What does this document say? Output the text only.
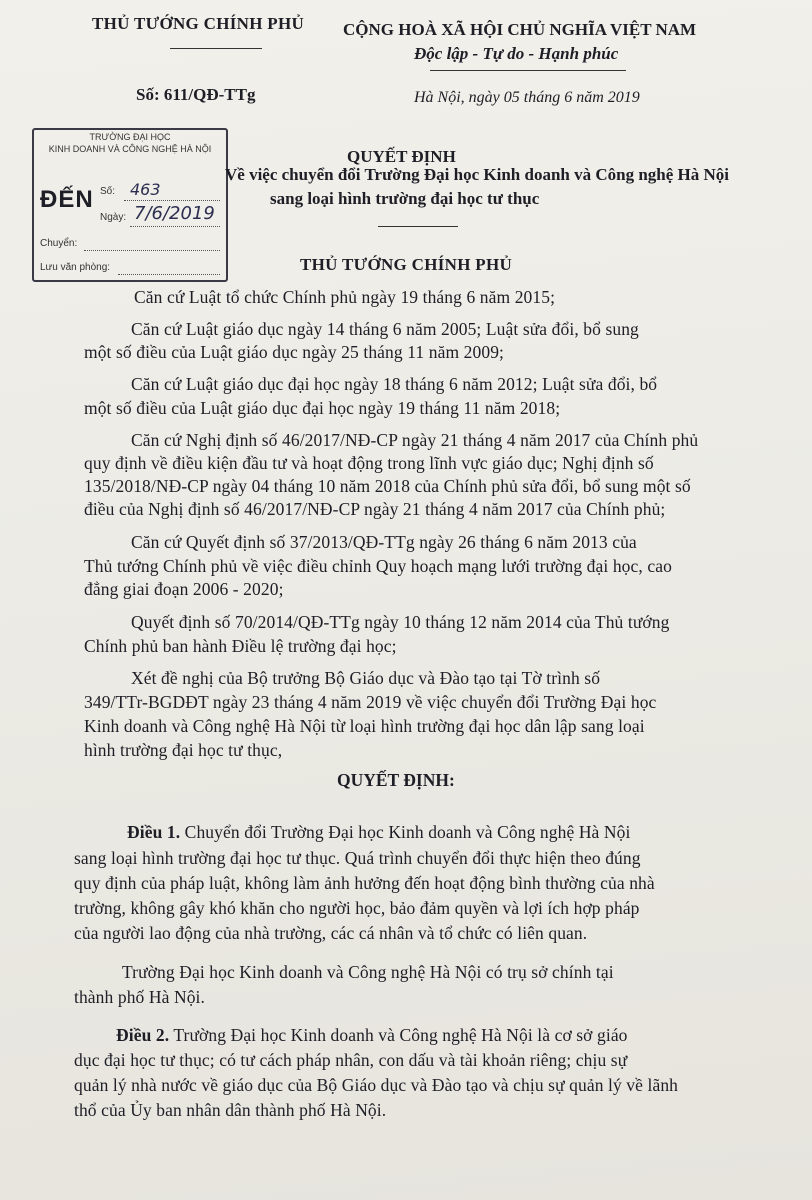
THỦ TƯỚNG CHÍNH PHỦ CỘNG HOÀ XÃ HỘI CHỦ NGHĨA VIỆT NAM
Độc lập - Tự do - Hạnh phúc
Số: 611/QĐ-TTg	Hà Nội, ngày 05 tháng 6 năm 2019
TRƯỜNG ĐẠI HỌC
KINH DOANH VÀ CÔNG NGHỆ HÀ NỘI
ĐẾN Số: 463
Ngày: 7/6/2019
Chuyển:
Lưu văn phòng:
QUYẾT ĐỊNH
Về việc chuyển đổi Trường Đại học Kinh doanh và Công nghệ Hà Nội
sang loại hình trường đại học tư thục
THỦ TƯỚNG CHÍNH PHỦ
Căn cứ Luật tổ chức Chính phủ ngày 19 tháng 6 năm 2015;
Căn cứ Luật giáo dục ngày 14 tháng 6 năm 2005; Luật sửa đổi, bổ sung
một số điều của Luật giáo dục ngày 25 tháng 11 năm 2009;
Căn cứ Luật giáo dục đại học ngày 18 tháng 6 năm 2012; Luật sửa đổi, bổ
một số điều của Luật giáo dục đại học ngày 19 tháng 11 năm 2018;
Căn cứ Nghị định số 46/2017/NĐ-CP ngày 21 tháng 4 năm 2017 của Chính phủ
quy định về điều kiện đầu tư và hoạt động trong lĩnh vực giáo dục; Nghị định số
135/2018/NĐ-CP ngày 04 tháng 10 năm 2018 của Chính phủ sửa đổi, bổ sung một số
điều của Nghị định số 46/2017/NĐ-CP ngày 21 tháng 4 năm 2017 của Chính phủ;
Căn cứ Quyết định số 37/2013/QĐ-TTg ngày 26 tháng 6 năm 2013 của
Thủ tướng Chính phủ về việc điều chỉnh Quy hoạch mạng lưới trường đại học, cao
đẳng giai đoạn 2006 - 2020;
Quyết định số 70/2014/QĐ-TTg ngày 10 tháng 12 năm 2014 của Thủ tướng
Chính phủ ban hành Điều lệ trường đại học;
Xét đề nghị của Bộ trưởng Bộ Giáo dục và Đào tạo tại Tờ trình số
349/TTr-BGDĐT ngày 23 tháng 4 năm 2019 về việc chuyển đổi Trường Đại học
Kinh doanh và Công nghệ Hà Nội từ loại hình trường đại học dân lập sang loại
hình trường đại học tư thục,
QUYẾT ĐỊNH:
Điều 1. Chuyển đổi Trường Đại học Kinh doanh và Công nghệ Hà Nội
sang loại hình trường đại học tư thục. Quá trình chuyển đổi thực hiện theo đúng
quy định của pháp luật, không làm ảnh hưởng đến hoạt động bình thường của nhà
trường, không gây khó khăn cho người học, bảo đảm quyền và lợi ích hợp pháp
của người lao động của nhà trường, các cá nhân và tổ chức có liên quan.
Trường Đại học Kinh doanh và Công nghệ Hà Nội có trụ sở chính tại
thành phố Hà Nội.
Điều 2. Trường Đại học Kinh doanh và Công nghệ Hà Nội là cơ sở giáo
dục đại học tư thục; có tư cách pháp nhân, con dấu và tài khoản riêng; chịu sự
quản lý nhà nước về giáo dục của Bộ Giáo dục và Đào tạo và chịu sự quản lý về lãnh
thổ của Ủy ban nhân dân thành phố Hà Nội.
